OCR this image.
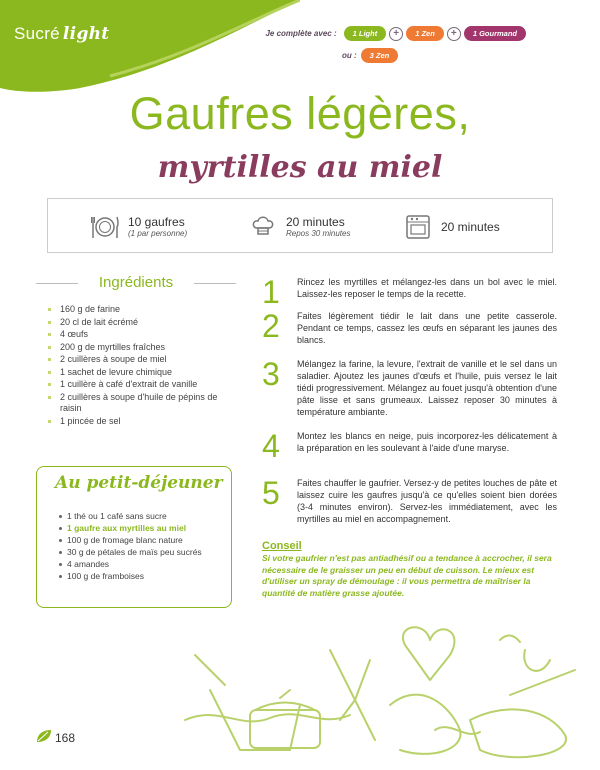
Sucré light	Je complète avec :	1 Light	+	1 Zen	+	1 Gourmand
ou :	3 Zen
Gaufres légères,
myrtilles au miel
10 gaufres
(1 par personne)
20 minutes
Repos 30 minutes	20 minutes
Ingrédients
160 g de farine
20 cl de lait écrémé
4 œufs
200 g de myrtilles fraîches
2 cuillères à soupe de miel
1 sachet de levure chimique
1 cuillère à café d'extrait de vanille
2 cuillères à soupe d'huile de pépins de raisin
1 pincée de sel
Au petit-déjeuner
1 thé ou 1 café sans sucre
1 gaufre aux myrtilles au miel
100 g de fromage blanc nature
30 g de pétales de maïs peu sucrés
4 amandes
100 g de framboises
1	Rincez les myrtilles et mélangez-les dans un bol avec le miel. Laissez-les reposer le temps de la recette.

2	Faites légèrement tiédir le lait dans une petite casserole. Pendant ce temps, cassez les œufs en séparant les jaunes des blancs.

3	Mélangez la farine, la levure, l'extrait de vanille et le sel dans un saladier. Ajoutez les jaunes d'œufs et l'huile, puis versez le lait tiédi progressivement. Mélangez au fouet jusqu'à obtention d'une pâte lisse et sans grumeaux. Laissez reposer 30 minutes à température ambiante.

4	Montez les blancs en neige, puis incorporez-les délicatement à la préparation en les soulevant à l'aide d'une maryse.

5	Faites chauffer le gaufrier. Versez-y de petites louches de pâte et laissez cuire les gaufres jusqu'à ce qu'elles soient bien dorées (3-4 minutes environ). Servez-les immédiatement, avec les myrtilles au miel en accompagnement.

Conseil

Si votre gaufrier n'est pas antiadhésif ou a tendance à accrocher, il sera nécessaire de le graisser un peu en début de cuisson. Le mieux est d'utiliser un spray de démoulage : il vous permettra de maîtriser la quantité de matière grasse ajoutée.

168
